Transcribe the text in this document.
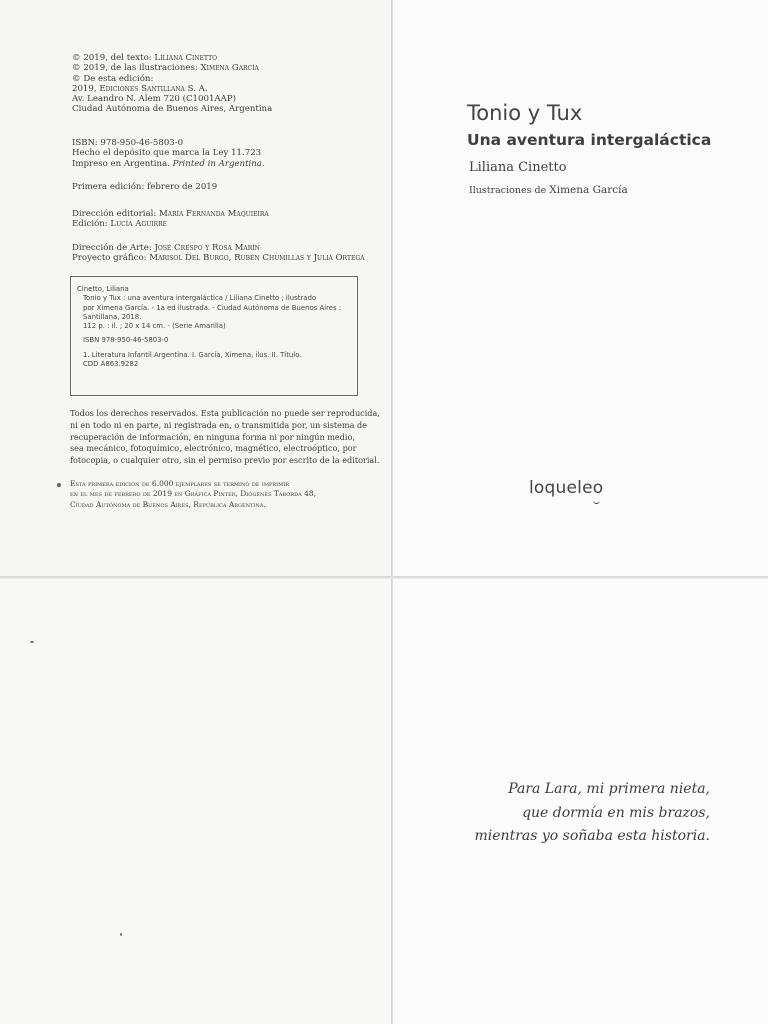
© 2019, del texto: Liliana Cinetto
© 2019, de las ilustraciones: Ximena García
© De esta edición:
2019, Ediciones Santillana S. A.
Av. Leandro N. Alem 720 (C1001AAP)
Ciudad Autónoma de Buenos Aires, Argentina
ISBN: 978-950-46-5803-0
Hecho el depósito que marca la Ley 11.723
Impreso en Argentina. Printed in Argentina.
Primera edición: febrero de 2019
Dirección editorial: María Fernanda Maquieira
Edición: Lucía Aguirre
Dirección de Arte: José Crespo y Rosa Marín
Proyecto gráfico: Marisol Del Burgo, Rubén Chumillas y Julia Ortega
Cinetto, Liliana
Tonio y Tux : una aventura intergaláctica / Liliana Cinetto ; ilustrado
por Ximena García. - 1a ed ilustrada. - Ciudad Autónoma de Buenos Aires :
Santillana, 2018.
112 p. : il. ; 20 x 14 cm. - (Serie Amarilla)
ISBN 978-950-46-5803-0
1. Literatura Infantil Argentina. I. García, Ximena, ilus. II. Título.
CDD A863.9282
Todos los derechos reservados. Esta publicación no puede ser reproducida,
ni en todo ni en parte, ni registrada en, o transmitida por, un sistema de
recuperación de información, en ninguna forma ni por ningún medio,
sea mecánico, fotoquímico, electrónico, magnético, electroóptico, por
fotocopia, o cualquier otro, sin el permiso previo por escrito de la editorial.
Esta primera edición de 6.000 ejemplares se terminó de imprimir
en el mes de febrero de 2019 en Gráfica Pinter, Diógenes Taborda 48,
Ciudad Autónoma de Buenos Aires, República Argentina.
Tonio y Tux
Una aventura intergaláctica
Liliana Cinetto
Ilustraciones de Ximena García
loqueleo
Para Lara, mi primera nieta,
que dormía en mis brazos,
mientras yo soñaba esta historia.
